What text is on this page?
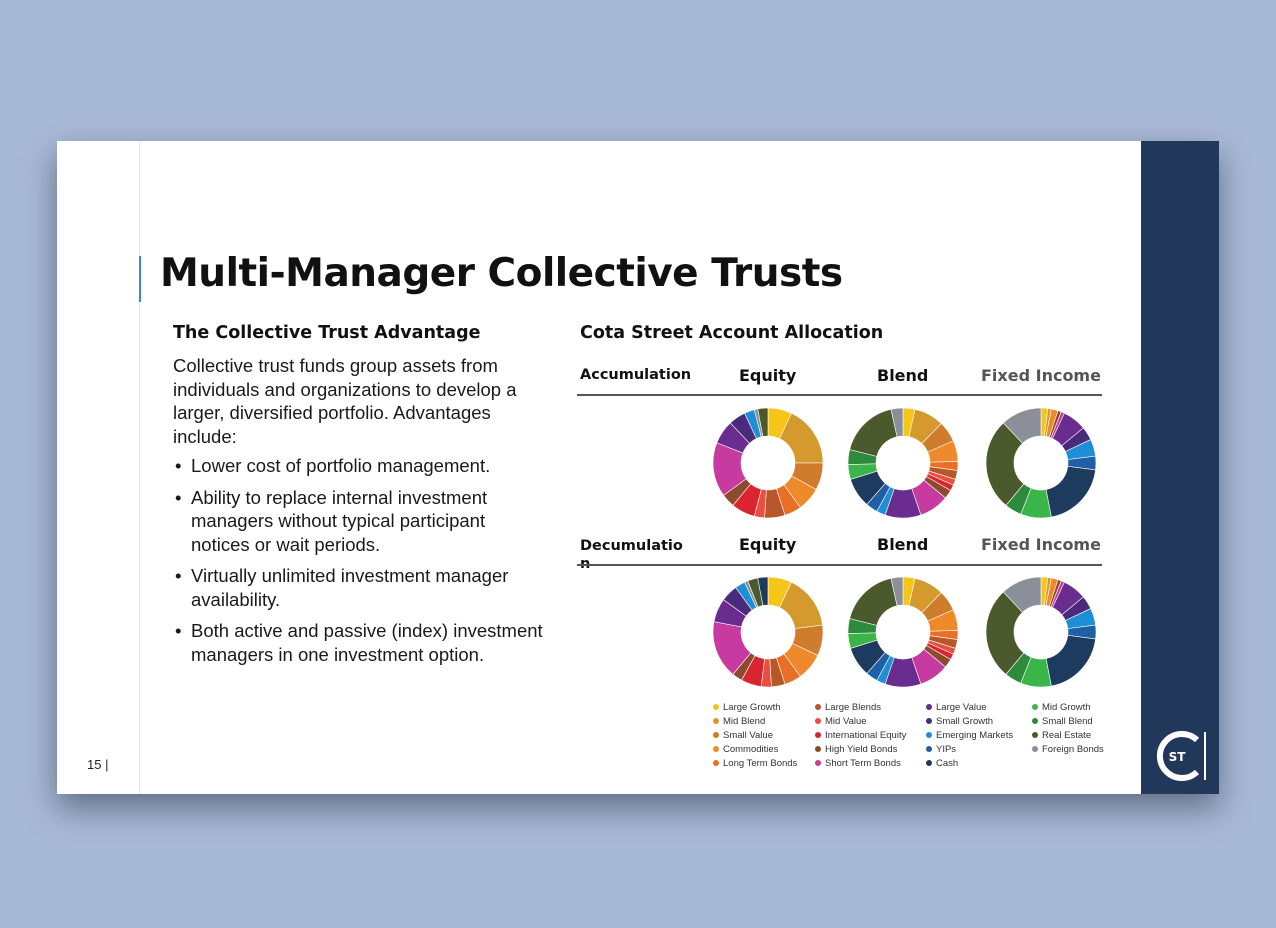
Multi-Manager Collective Trusts
The Collective Trust Advantage
Collective trust funds group assets from individuals and organizations to develop a larger, diversified portfolio. Advantages include:
• Lower cost of portfolio management.
• Ability to replace internal investment managers without typical participant notices or wait periods.
• Virtually unlimited investment manager availability.
• Both active and passive (index) investment managers in one investment option.
Cota Street Account Allocation
Accumulation	Equity	Blend	Fixed Income
Decumulatio	Equity	Blend	Fixed Income
Large Growth
Mid Blend
Small Value
Commodities
Long Term Bonds
Large Blends
Mid Value
International Equity
High Yield Bonds
Short Term Bonds
Large Value
Small Growth
Emerging Markets
YIPs
Cash
Mid Growth
Small Blend
Real Estate
Foreign Bonds
15 |	ST
